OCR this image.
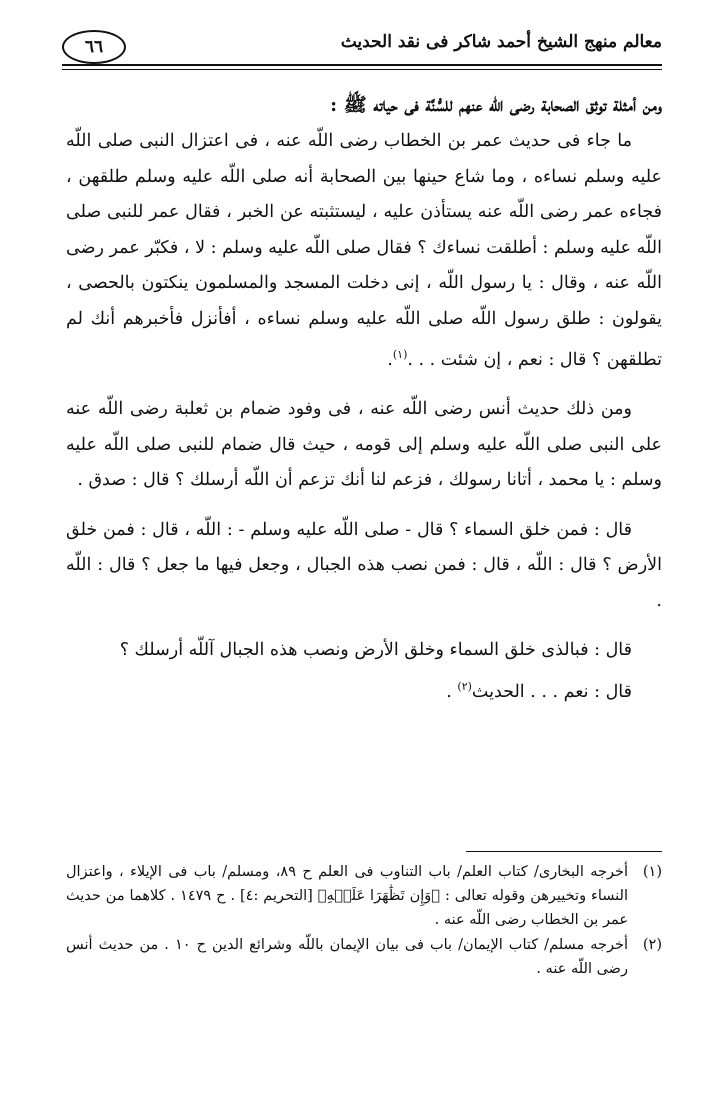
معالم منهج الشيخ أحمد شاكر فى نقد الحديث
٦٦

ومن أمثلة توثق الصحابة رضى اللّه عنهم للسُّنَّة فى حياته ﷺ :

ما جاء فى حديث عمر بن الخطاب رضى اللّه عنه ، فى اعتزال النبى صلى اللّه عليه وسلم نساءه ، وما شاع حينها بين الصحابة أنه صلى اللّه عليه وسلم طلقهن ، فجاءه عمر رضى اللّه عنه يستأذن عليه ، ليستثبته عن الخبر ، فقال عمر للنبى صلى اللّه عليه وسلم : أطلقت نساءك ؟ فقال صلى اللّه عليه وسلم : لا ، فكبّر عمر رضى اللّه عنه ، وقال : يا رسول اللّه ، إنى دخلت المسجد والمسلمون ينكتون بالحصى ، يقولون : طلق رسول اللّه صلى اللّه عليه وسلم نساءه ، أفأنزل فأخبرهم أنك لم تطلقهن ؟ قال : نعم ، إن شئت . . .$^{(١)}$.

ومن ذلك حديث أنس رضى اللّه عنه ، فى وفود ضمام بن ثعلبة رضى اللّه عنه على النبى صلى اللّه عليه وسلم إلى قومه ، حيث قال ضمام للنبى صلى اللّه عليه وسلم : يا محمد ، أتانا رسولك ، فزعم لنا أنك تزعم أن اللّه أرسلك ؟ قال : صدق .

قال : فمن خلق السماء ؟ قال - صلى اللّه عليه وسلم - : اللّه ، قال : فمن خلق الأرض ؟ قال : اللّه ، قال : فمن نصب هذه الجبال ، وجعل فيها ما جعل ؟ قال : اللّه .

قال : فبالذى خلق السماء وخلق الأرض ونصب هذه الجبال آللّه أرسلك ؟

قال : نعم . . . الحديث$^{(٢)}$ .

(١)
أخرجه البخارى/ كتاب العلم/ باب التناوب فى العلم ح ٨٩، ومسلم/ باب فى الإيلاء ، واعتزال النساء وتخييرهن وقوله تعالى : ﴿وَإِن تَظَٰهَرَا عَلَيۡهِ﴾ [التحريم :٤] . ح ١٤٧٩ . كلاهما من حديث عمر بن الخطاب رضى اللّه عنه .

(٢)
أخرجه مسلم/ كتاب الإيمان/ باب فى بيان الإيمان باللّه وشرائع الدين ح ١٠ . من حديث أنس رضى اللّه عنه .
